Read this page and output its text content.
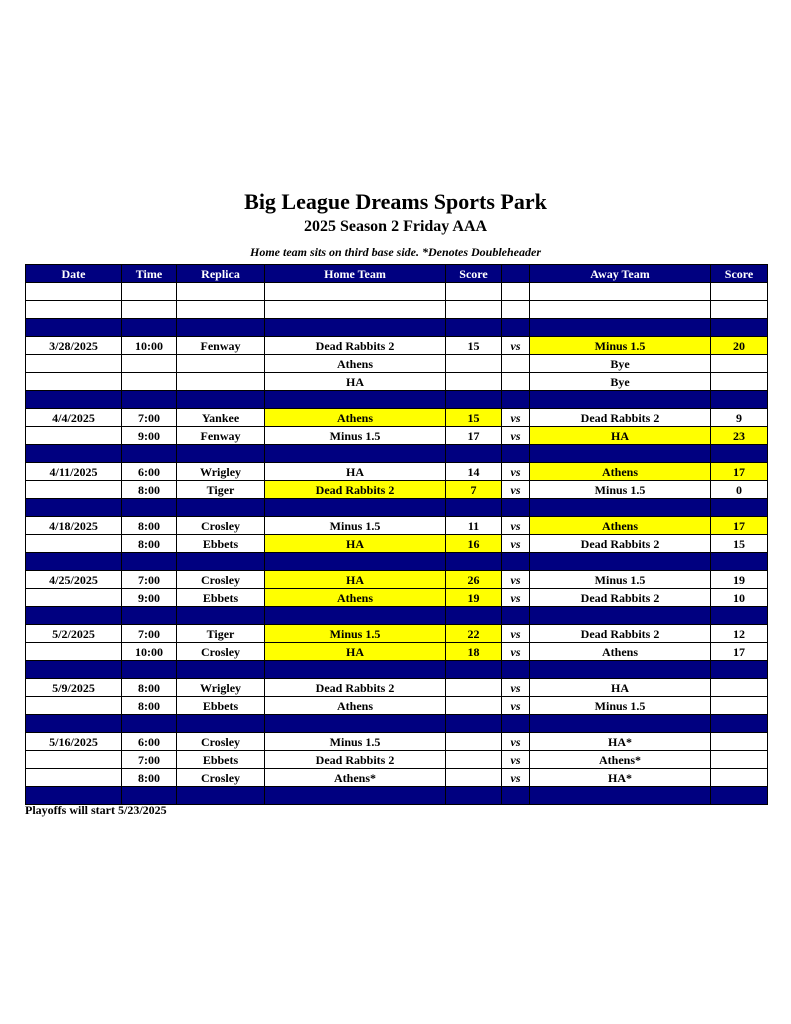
Big League Dreams Sports Park
2025 Season 2 Friday AAA
Home team sits on third base side. *Denotes Doubleheader
Date	Time	Replica	Home Team	Score		Away Team	Score

3/28/2025	10:00	Fenway	Dead Rabbits 2	15	vs	Minus 1.5	20
			Athens			Bye	
			HA			Bye	

4/4/2025	7:00	Yankee	Athens	15	vs	Dead Rabbits 2	9
	9:00	Fenway	Minus 1.5	17	vs	HA	23

4/11/2025	6:00	Wrigley	HA	14	vs	Athens	17
	8:00	Tiger	Dead Rabbits 2	7	vs	Minus 1.5	0

4/18/2025	8:00	Crosley	Minus 1.5	11	vs	Athens	17
	8:00	Ebbets	HA	16	vs	Dead Rabbits 2	15

4/25/2025	7:00	Crosley	HA	26	vs	Minus 1.5	19
	9:00	Ebbets	Athens	19	vs	Dead Rabbits 2	10

5/2/2025	7:00	Tiger	Minus 1.5	22	vs	Dead Rabbits 2	12
	10:00	Crosley	HA	18	vs	Athens	17

5/9/2025	8:00	Wrigley	Dead Rabbits 2		vs	HA	
	8:00	Ebbets	Athens		vs	Minus 1.5	

5/16/2025	6:00	Crosley	Minus 1.5		vs	HA*	
	7:00	Ebbets	Dead Rabbits 2		vs	Athens*	
	8:00	Crosley	Athens*		vs	HA*	

Playoffs will start 5/23/2025
